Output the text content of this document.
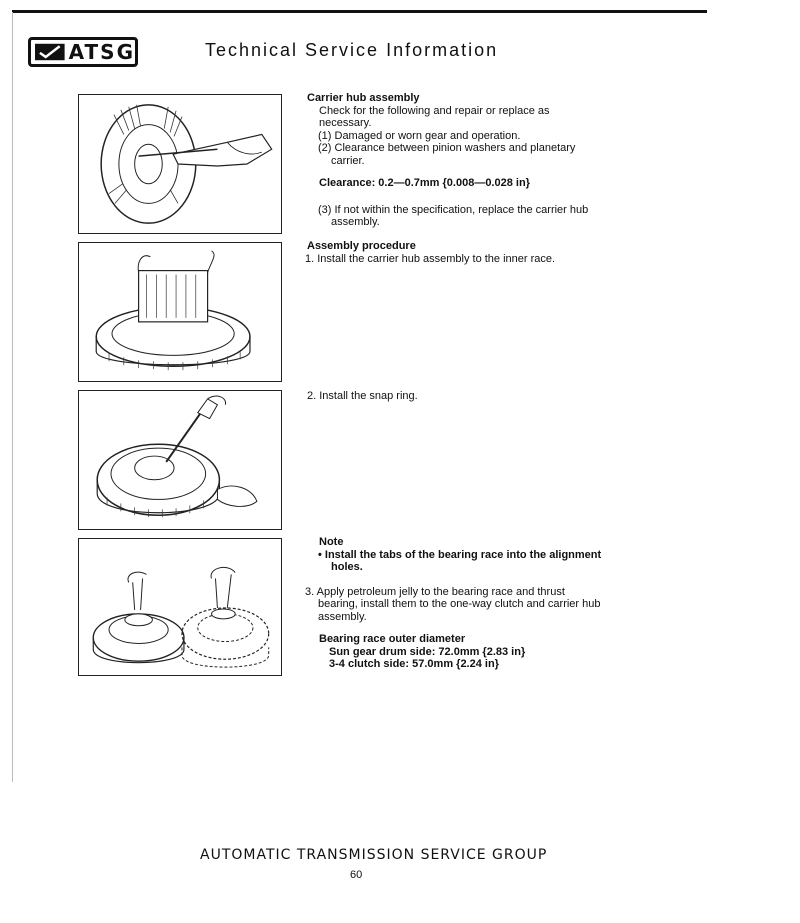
ATSG	Technical Service Information

Carrier hub assembly

Check for the following and repair or replace as necessary.

(1) Damaged or worn gear and operation.

(2) Clearance between pinion washers and planetary carrier.

Clearance: 0.2—0.7mm {0.008—0.028 in}

(3) If not within the specification, replace the carrier hub assembly.

Assembly procedure

1. Install the carrier hub assembly to the inner race.

2. Install the snap ring.

Note

• Install the tabs of the bearing race into the alignment holes.

3. Apply petroleum jelly to the bearing race and thrust bearing, install them to the one-way clutch and carrier hub assembly.

Bearing race outer diameter

Sun gear drum side: 72.0mm {2.83 in}

3-4 clutch side: 57.0mm {2.24 in}

AUTOMATIC TRANSMISSION SERVICE GROUP
60
